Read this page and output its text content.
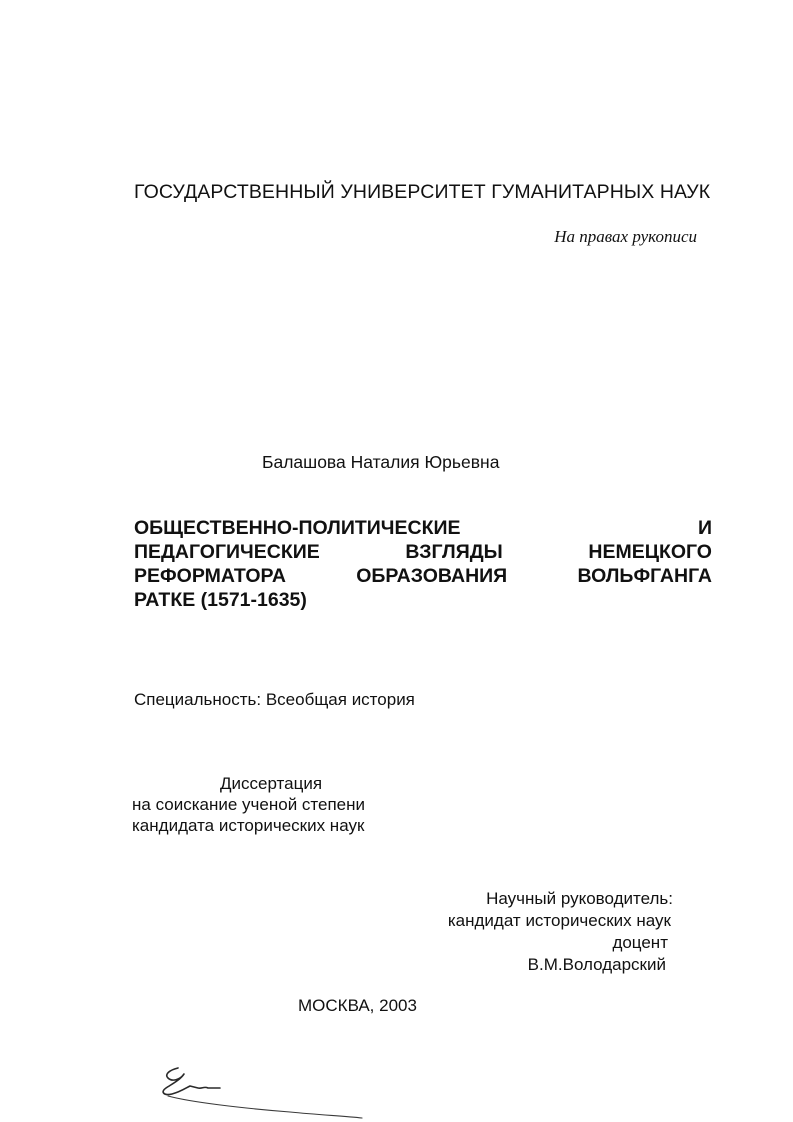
ГОСУДАРСТВЕННЫЙ УНИВЕРСИТЕТ ГУМАНИТАРНЫХ НАУК
На правах рукописи
Балашова Наталия Юрьевна
ОБЩЕСТВЕННО-ПОЛИТИЧЕСКИЕ	И
ПЕДАГОГИЧЕСКИЕ	ВЗГЛЯДЫ	НЕМЕЦКОГО
РЕФОРМАТОРА	ОБРАЗОВАНИЯ	ВОЛЬФГАНГА
РАТКЕ (1571-1635)
Специальность: Всеобщая история
Диссертация
на соискание ученой степени
кандидата исторических наук
Научный руководитель:
кандидат исторических наук
доцент
В.М.Володарский
МОСКВА, 2003
